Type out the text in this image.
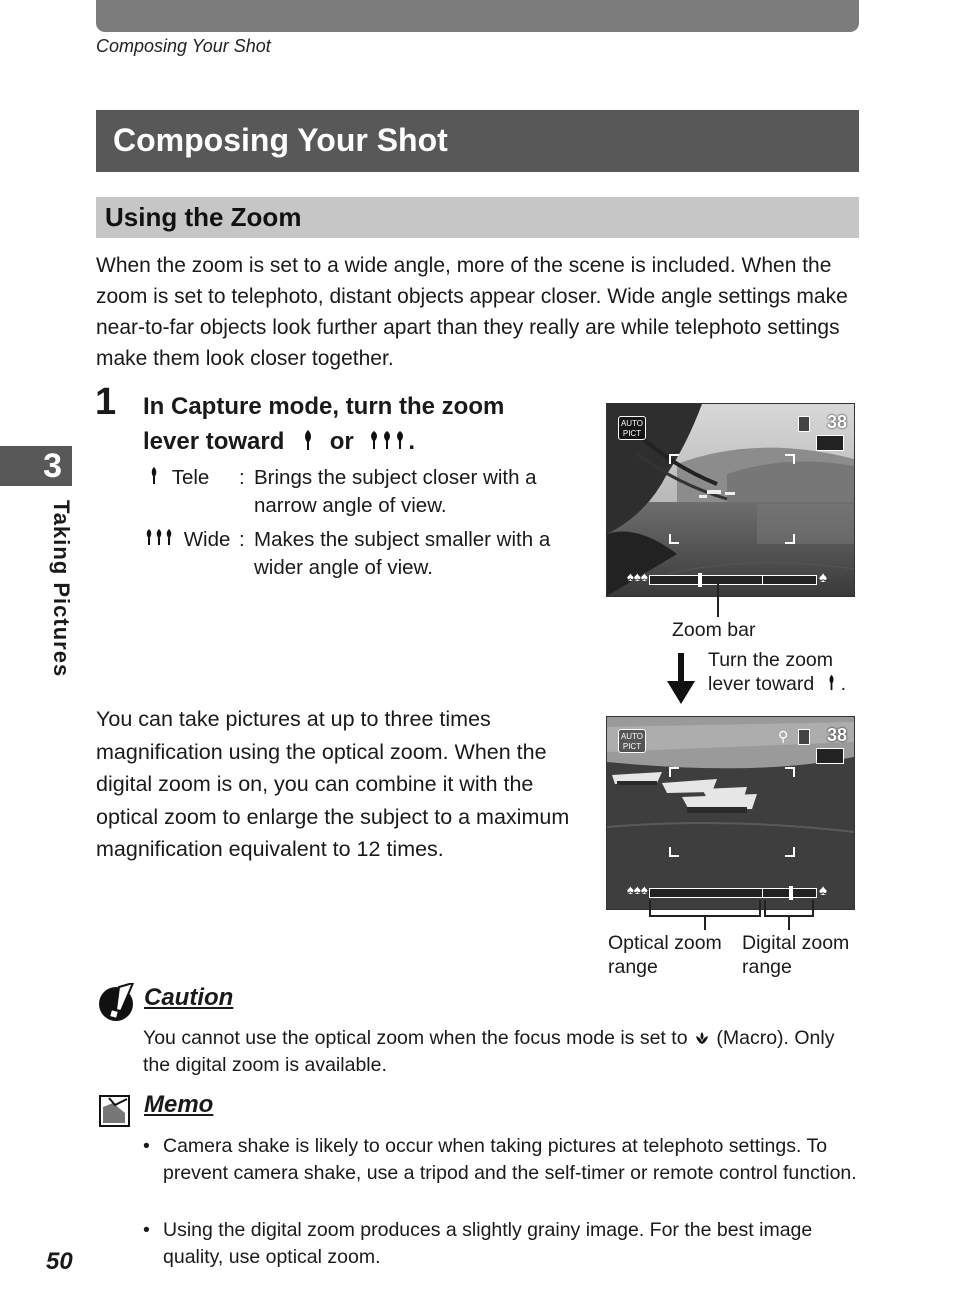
Composing Your Shot
Composing Your Shot
Using the Zoom
When the zoom is set to a wide angle, more of the scene is included. When the zoom is set to telephoto, distant objects appear closer. Wide angle settings make near-to-far objects look further apart than they really are while telephoto settings make them look closer together.
3
Taking Pictures
1 In Capture mode, turn the zoom
lever toward or .
Tele : Brings the subject closer with a narrow angle of view.
Wide : Makes the subject smaller with a wider angle of view.
You can take pictures at up to three times magnification using the optical zoom. When the digital zoom is on, you can combine it with the optical zoom to enlarge the subject to a maximum magnification equivalent to 12 times.
AUTO
PICT
38
♠♠♠	♠
Zoom bar
Turn the zoom
lever toward .
AUTO
PICT
⚲ 38
♠♠♠	♠
Optical zoom
range
Digital zoom
range
Caution
You cannot use the optical zoom when the focus mode is set to (Macro). Only the digital zoom is available.
Memo
• Camera shake is likely to occur when taking pictures at telephoto settings. To prevent camera shake, use a tripod and the self-timer or remote control function.
• Using the digital zoom produces a slightly grainy image. For the best image quality, use optical zoom.
50
